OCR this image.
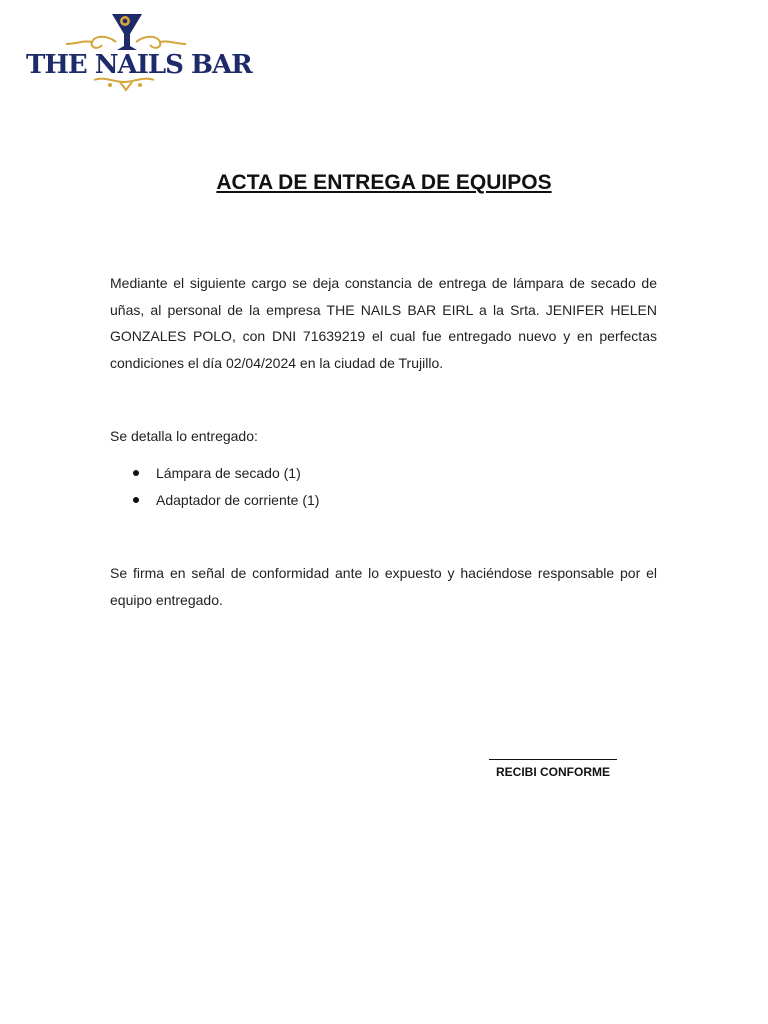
THE NAILS BAR
ACTA DE ENTREGA DE EQUIPOS
Mediante el siguiente cargo se deja constancia de entrega de lámpara de secado de uñas, al personal de la empresa THE NAILS BAR EIRL a la Srta. JENIFER HELEN GONZALES POLO, con DNI 71639219 el cual fue entregado nuevo y en perfectas condiciones el día 02/04/2024 en la ciudad de Trujillo.
Se detalla lo entregado:
Lámpara de secado (1)
Adaptador de corriente (1)
Se firma en señal de conformidad ante lo expuesto y haciéndose responsable por el equipo entregado.
RECIBI CONFORME
